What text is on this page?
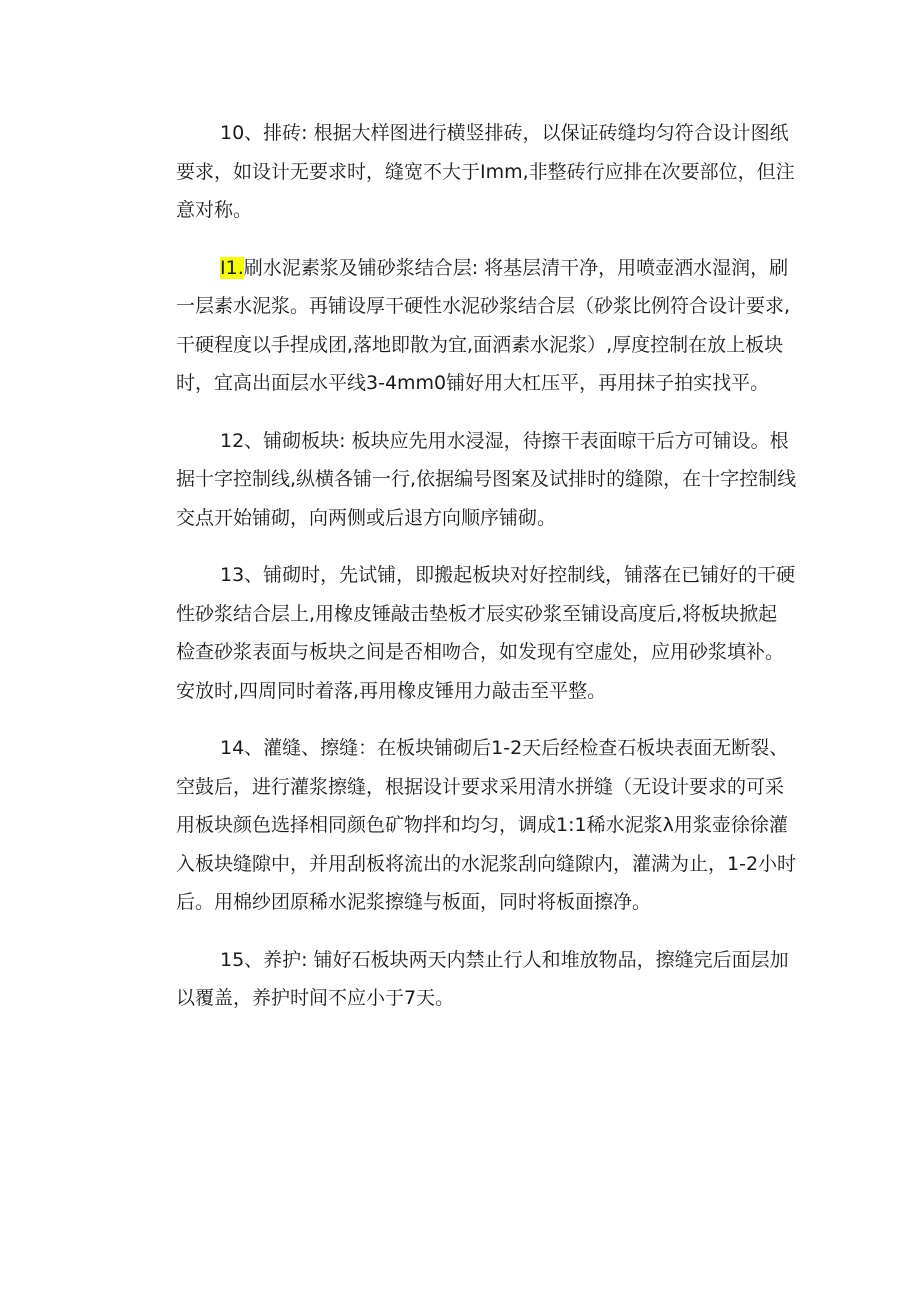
10、排砖: 根据大样图进行横竖排砖，以保证砖缝均匀符合设计图纸
要求，如设计无要求时，缝宽不大于Imm,非整砖行应排在次要部位，但注
意对称。

I1.刷水泥素浆及铺砂浆结合层: 将基层清干净，用喷壶洒水湿润，刷
一层素水泥浆。再铺设厚干硬性水泥砂浆结合层（砂浆比例符合设计要求,
干硬程度以手捏成团,落地即散为宜,面洒素水泥浆）,厚度控制在放上板块
时，宜高出面层水平线3-4mm0铺好用大杠压平，再用抹子拍实找平。

12、铺砌板块: 板块应先用水浸湿，待擦干表面晾干后方可铺设。根
据十字控制线,纵横各铺一行,依据编号图案及试排时的缝隙，在十字控制线
交点开始铺砌，向两侧或后退方向顺序铺砌。

13、铺砌时，先试铺，即搬起板块对好控制线，铺落在已铺好的干硬
性砂浆结合层上,用橡皮锤敲击垫板才辰实砂浆至铺设高度后,将板块掀起
检查砂浆表面与板块之间是否相吻合，如发现有空虚处，应用砂浆填补。
安放时,四周同时着落,再用橡皮锤用力敲击至平整。

14、灌缝、擦缝：在板块铺砌后1-2天后经检查石板块表面无断裂、
空鼓后，进行灌浆擦缝，根据设计要求采用清水拼缝（无设计要求的可采
用板块颜色选择相同颜色矿物拌和均匀，调成1:1稀水泥浆λ用浆壶徐徐灌
入板块缝隙中，并用刮板将流出的水泥浆刮向缝隙内，灌满为止，1-2小时
后。用棉纱团原稀水泥浆擦缝与板面，同时将板面擦净。

15、养护: 铺好石板块两天内禁止行人和堆放物品，擦缝完后面层加
以覆盖，养护时间不应小于7天。
